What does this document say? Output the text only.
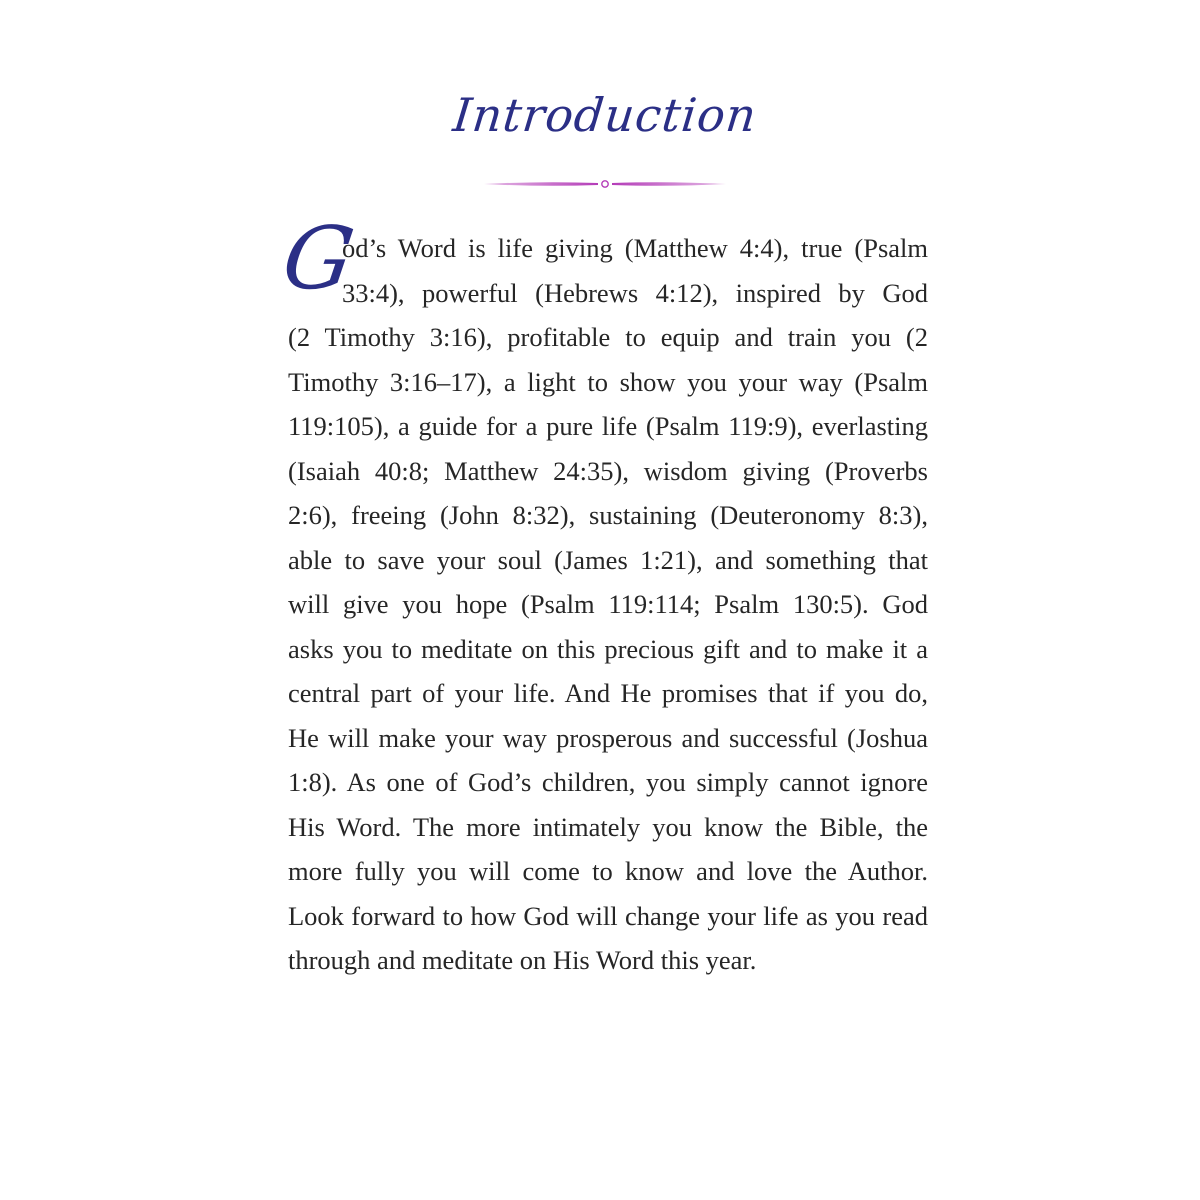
Introduction
G
od’s Word is life giving (Matthew 4:4), true (Psalm
33:4), powerful (Hebrews 4:12), inspired by God
(2 Timothy 3:16), profitable to equip and train you (2
Timothy 3:16–17), a light to show you your way (Psalm
119:105), a guide for a pure life (Psalm 119:9), everlasting
(Isaiah 40:8; Matthew 24:35), wisdom giving (Proverbs
2:6), freeing (John 8:32), sustaining (Deuteronomy 8:3),
able to save your soul (James 1:21), and something that
will give you hope (Psalm 119:114; Psalm 130:5). God
asks you to meditate on this precious gift and to make it a
central part of your life. And He promises that if you do,
He will make your way prosperous and successful (Joshua
1:8). As one of God’s children, you simply cannot ignore
His Word. The more intimately you know the Bible, the
more fully you will come to know and love the Author.
Look forward to how God will change your life as you read
through and meditate on His Word this year.
